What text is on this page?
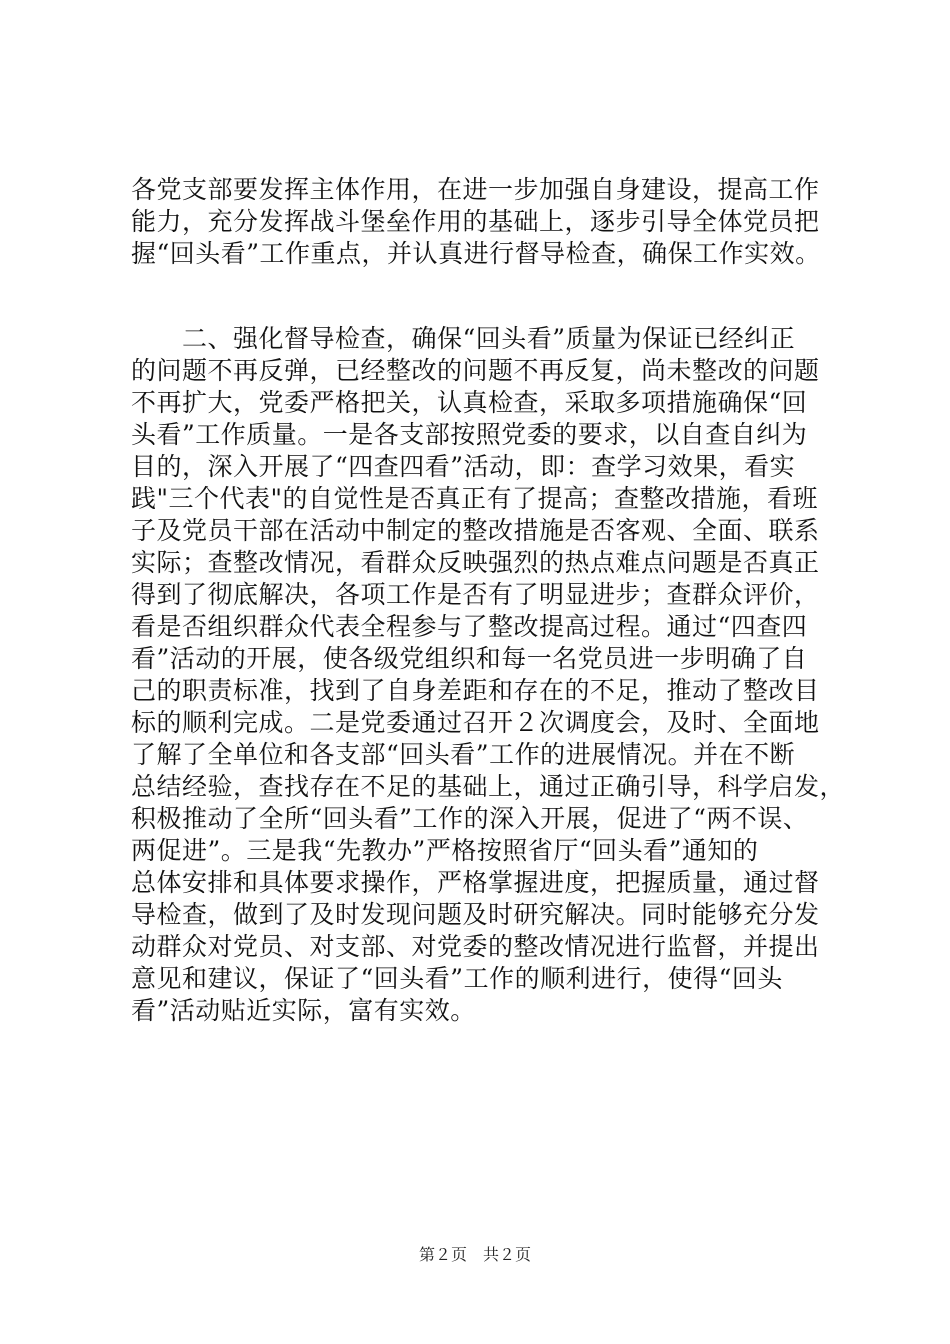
各党支部要发挥主体作用，在进一步加强自身建设，提高工作
能力，充分发挥战斗堡垒作用的基础上，逐步引导全体党员把
握“回头看”工作重点，并认真进行督导检查，确保工作实效。
　　二、强化督导检查，确保“回头看”质量为保证已经纠正
的问题不再反弹，已经整改的问题不再反复，尚未整改的问题
不再扩大，党委严格把关，认真检查，采取多项措施确保“回
头看”工作质量。一是各支部按照党委的要求，以自查自纠为
目的，深入开展了“四查四看”活动，即：查学习效果，看实
践"三个代表"的自觉性是否真正有了提高；查整改措施，看班
子及党员干部在活动中制定的整改措施是否客观、全面、联系
实际；查整改情况，看群众反映强烈的热点难点问题是否真正
得到了彻底解决，各项工作是否有了明显进步；查群众评价，
看是否组织群众代表全程参与了整改提高过程。通过“四查四
看”活动的开展，使各级党组织和每一名党员进一步明确了自
己的职责标准，找到了自身差距和存在的不足，推动了整改目
标的顺利完成。二是党委通过召开２次调度会，及时、全面地
了解了全单位和各支部“回头看”工作的进展情况。并在不断
总结经验，查找存在不足的基础上，通过正确引导，科学启发，
积极推动了全所“回头看”工作的深入开展，促进了“两不误、
两促进”。三是我“先教办”严格按照省厅“回头看”通知的
总体安排和具体要求操作，严格掌握进度，把握质量，通过督
导检查，做到了及时发现问题及时研究解决。同时能够充分发
动群众对党员、对支部、对党委的整改情况进行监督，并提出
意见和建议，保证了“回头看”工作的顺利进行，使得“回头
看”活动贴近实际，富有实效。
第２页　共２页
